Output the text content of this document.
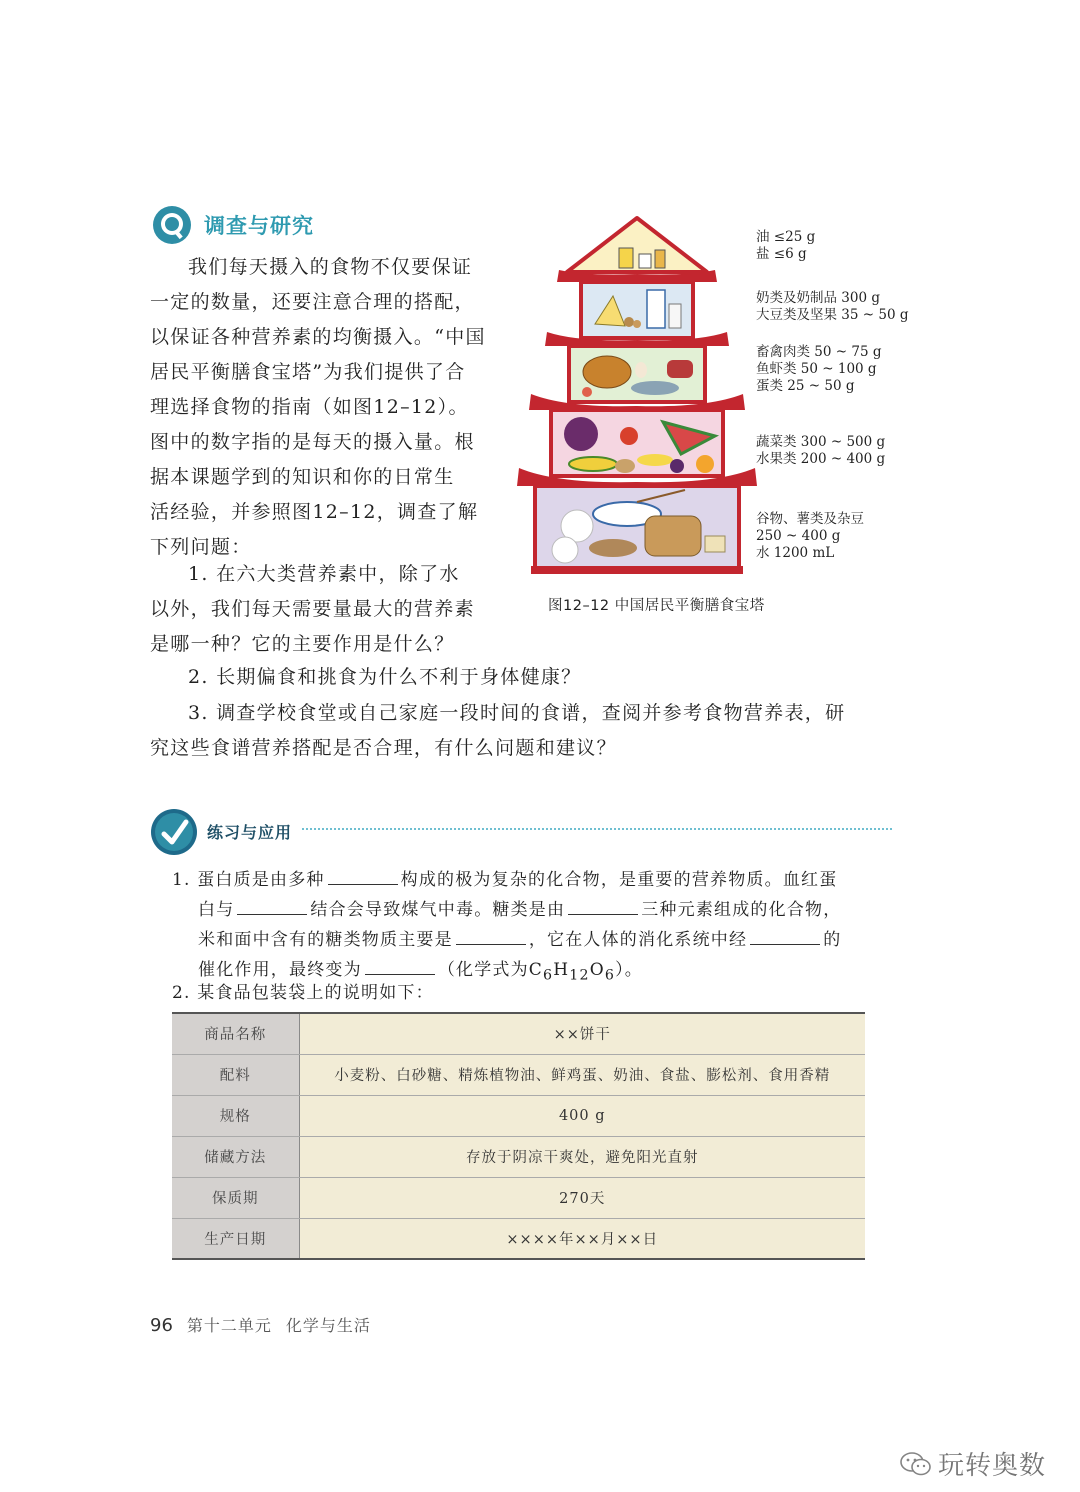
调查与研究
我们每天摄入的食物不仅要保证
一定的数量，还要注意合理的搭配，
以保证各种营养素的均衡摄入。“中国
居民平衡膳食宝塔”为我们提供了合
理选择食物的指南（如图12–12）。
图中的数字指的是每天的摄入量。根
据本课题学到的知识和你的日常生
活经验，并参照图12–12，调查了解
下列问题：
1. 在六大类营养素中，除了水
以外，我们每天需要量最大的营养素
是哪一种？它的主要作用是什么？
2. 长期偏食和挑食为什么不利于身体健康？
3. 调查学校食堂或自己家庭一段时间的食谱，查阅并参考食物营养表，研
究这些食谱营养搭配是否合理，有什么问题和建议？
油 ≤25 g
盐 ≤6 g
奶类及奶制品 300 g
大豆类及坚果 35 ~ 50 g
畜禽肉类 50 ~ 75 g
鱼虾类 50 ~ 100 g
蛋类 25 ~ 50 g
蔬菜类 300 ~ 500 g
水果类 200 ~ 400 g
谷物、薯类及杂豆
250 ~ 400 g
水 1200 mL
图12–12 中国居民平衡膳食宝塔
练习与应用
1. 蛋白质是由多种	构成的极为复杂的化合物，是重要的营养物质。血红蛋
白与	结合会导致煤气中毒。糖类是由	三种元素组成的化合物，
米和面中含有的糖类物质主要是	，它在人体的消化系统中经	的
催化作用，最终变为	（化学式为$C_6H_{12}O_6$）。
2. 某食品包装袋上的说明如下：
商品名称	××饼干
配料	小麦粉、白砂糖、精炼植物油、鲜鸡蛋、奶油、食盐、膨松剂、食用香精
规格	400 g
储藏方法	存放于阴凉干爽处，避免阳光直射
保质期	270天
生产日期	××××年××月××日
96 第十二单元 化学与生活
玩转奥数
